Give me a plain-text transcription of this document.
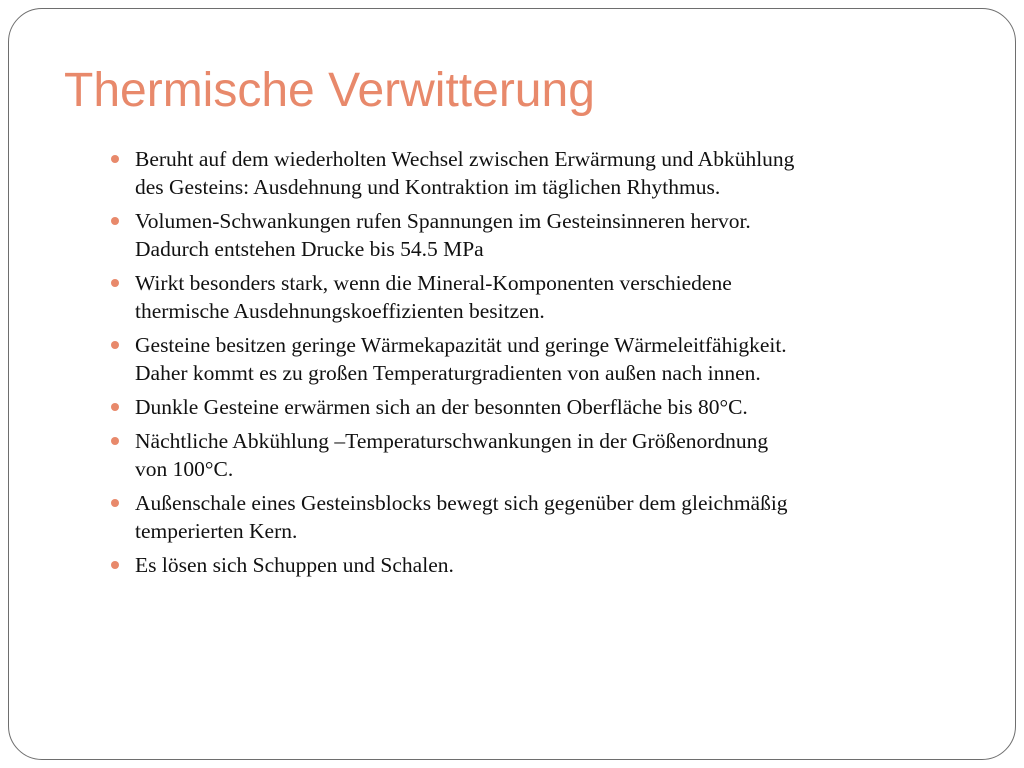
Thermische Verwitterung
Beruht auf dem wiederholten Wechsel zwischen Erwärmung und Abkühlung
des Gesteins: Ausdehnung und Kontraktion im täglichen Rhythmus.
Volumen-Schwankungen rufen Spannungen im Gesteinsinneren hervor.
Dadurch entstehen Drucke bis 54.5 MPa
Wirkt besonders stark, wenn die Mineral-Komponenten verschiedene
thermische Ausdehnungskoeffizienten besitzen.
Gesteine besitzen geringe Wärmekapazität und geringe Wärmeleitfähigkeit.
Daher kommt es zu großen Temperaturgradienten von außen nach innen.
Dunkle Gesteine erwärmen sich an der besonnten Oberfläche bis 80°C.
Nächtliche Abkühlung –Temperaturschwankungen in der Größenordnung
von 100°C.
Außenschale eines Gesteinsblocks bewegt sich gegenüber dem gleichmäßig
temperierten Kern.
Es lösen sich Schuppen und Schalen.
